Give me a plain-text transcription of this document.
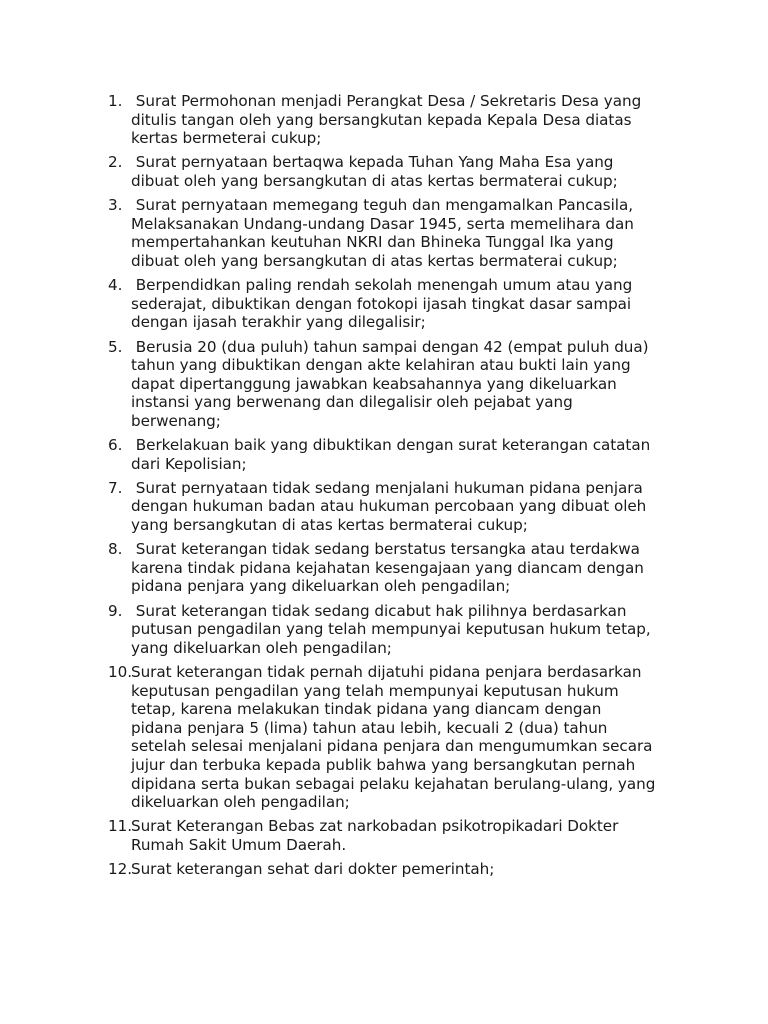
1. Surat Permohonan menjadi Perangkat Desa / Sekretaris Desa yang
ditulis tangan oleh yang bersangkutan kepada Kepala Desa diatas
kertas bermeterai cukup;
2. Surat pernyataan bertaqwa kepada Tuhan Yang Maha Esa yang
dibuat oleh yang bersangkutan di atas kertas bermaterai cukup;
3. Surat pernyataan memegang teguh dan mengamalkan Pancasila,
Melaksanakan Undang-undang Dasar 1945, serta memelihara dan
mempertahankan keutuhan NKRI dan Bhineka Tunggal Ika yang
dibuat oleh yang bersangkutan di atas kertas bermaterai cukup;
4. Berpendidkan paling rendah sekolah menengah umum atau yang
sederajat, dibuktikan dengan fotokopi ijasah tingkat dasar sampai
dengan ijasah terakhir yang dilegalisir;
5. Berusia 20 (dua puluh) tahun sampai dengan 42 (empat puluh dua)
tahun yang dibuktikan dengan akte kelahiran atau bukti lain yang
dapat dipertanggung jawabkan keabsahannya yang dikeluarkan
instansi yang berwenang dan dilegalisir oleh pejabat yang
berwenang;
6. Berkelakuan baik yang dibuktikan dengan surat keterangan catatan
dari Kepolisian;
7. Surat pernyataan tidak sedang menjalani hukuman pidana penjara
dengan hukuman badan atau hukuman percobaan yang dibuat oleh
yang bersangkutan di atas kertas bermaterai cukup;
8. Surat keterangan tidak sedang berstatus tersangka atau terdakwa
karena tindak pidana kejahatan kesengajaan yang diancam dengan
pidana penjara yang dikeluarkan oleh pengadilan;
9. Surat keterangan tidak sedang dicabut hak pilihnya berdasarkan
putusan pengadilan yang telah mempunyai keputusan hukum tetap,
yang dikeluarkan oleh pengadilan;
10.
Surat keterangan tidak pernah dijatuhi pidana penjara berdasarkan
keputusan pengadilan yang telah mempunyai keputusan hukum
tetap, karena melakukan tindak pidana yang diancam dengan
pidana penjara 5 (lima) tahun atau lebih, kecuali 2 (dua) tahun
setelah selesai menjalani pidana penjara dan mengumumkan secara
jujur dan terbuka kepada publik bahwa yang bersangkutan pernah
dipidana serta bukan sebagai pelaku kejahatan berulang-ulang, yang
dikeluarkan oleh pengadilan;
11.
Surat Keterangan Bebas zat narkobadan psikotropikadari Dokter
Rumah Sakit Umum Daerah.
12.
Surat keterangan sehat dari dokter pemerintah;
